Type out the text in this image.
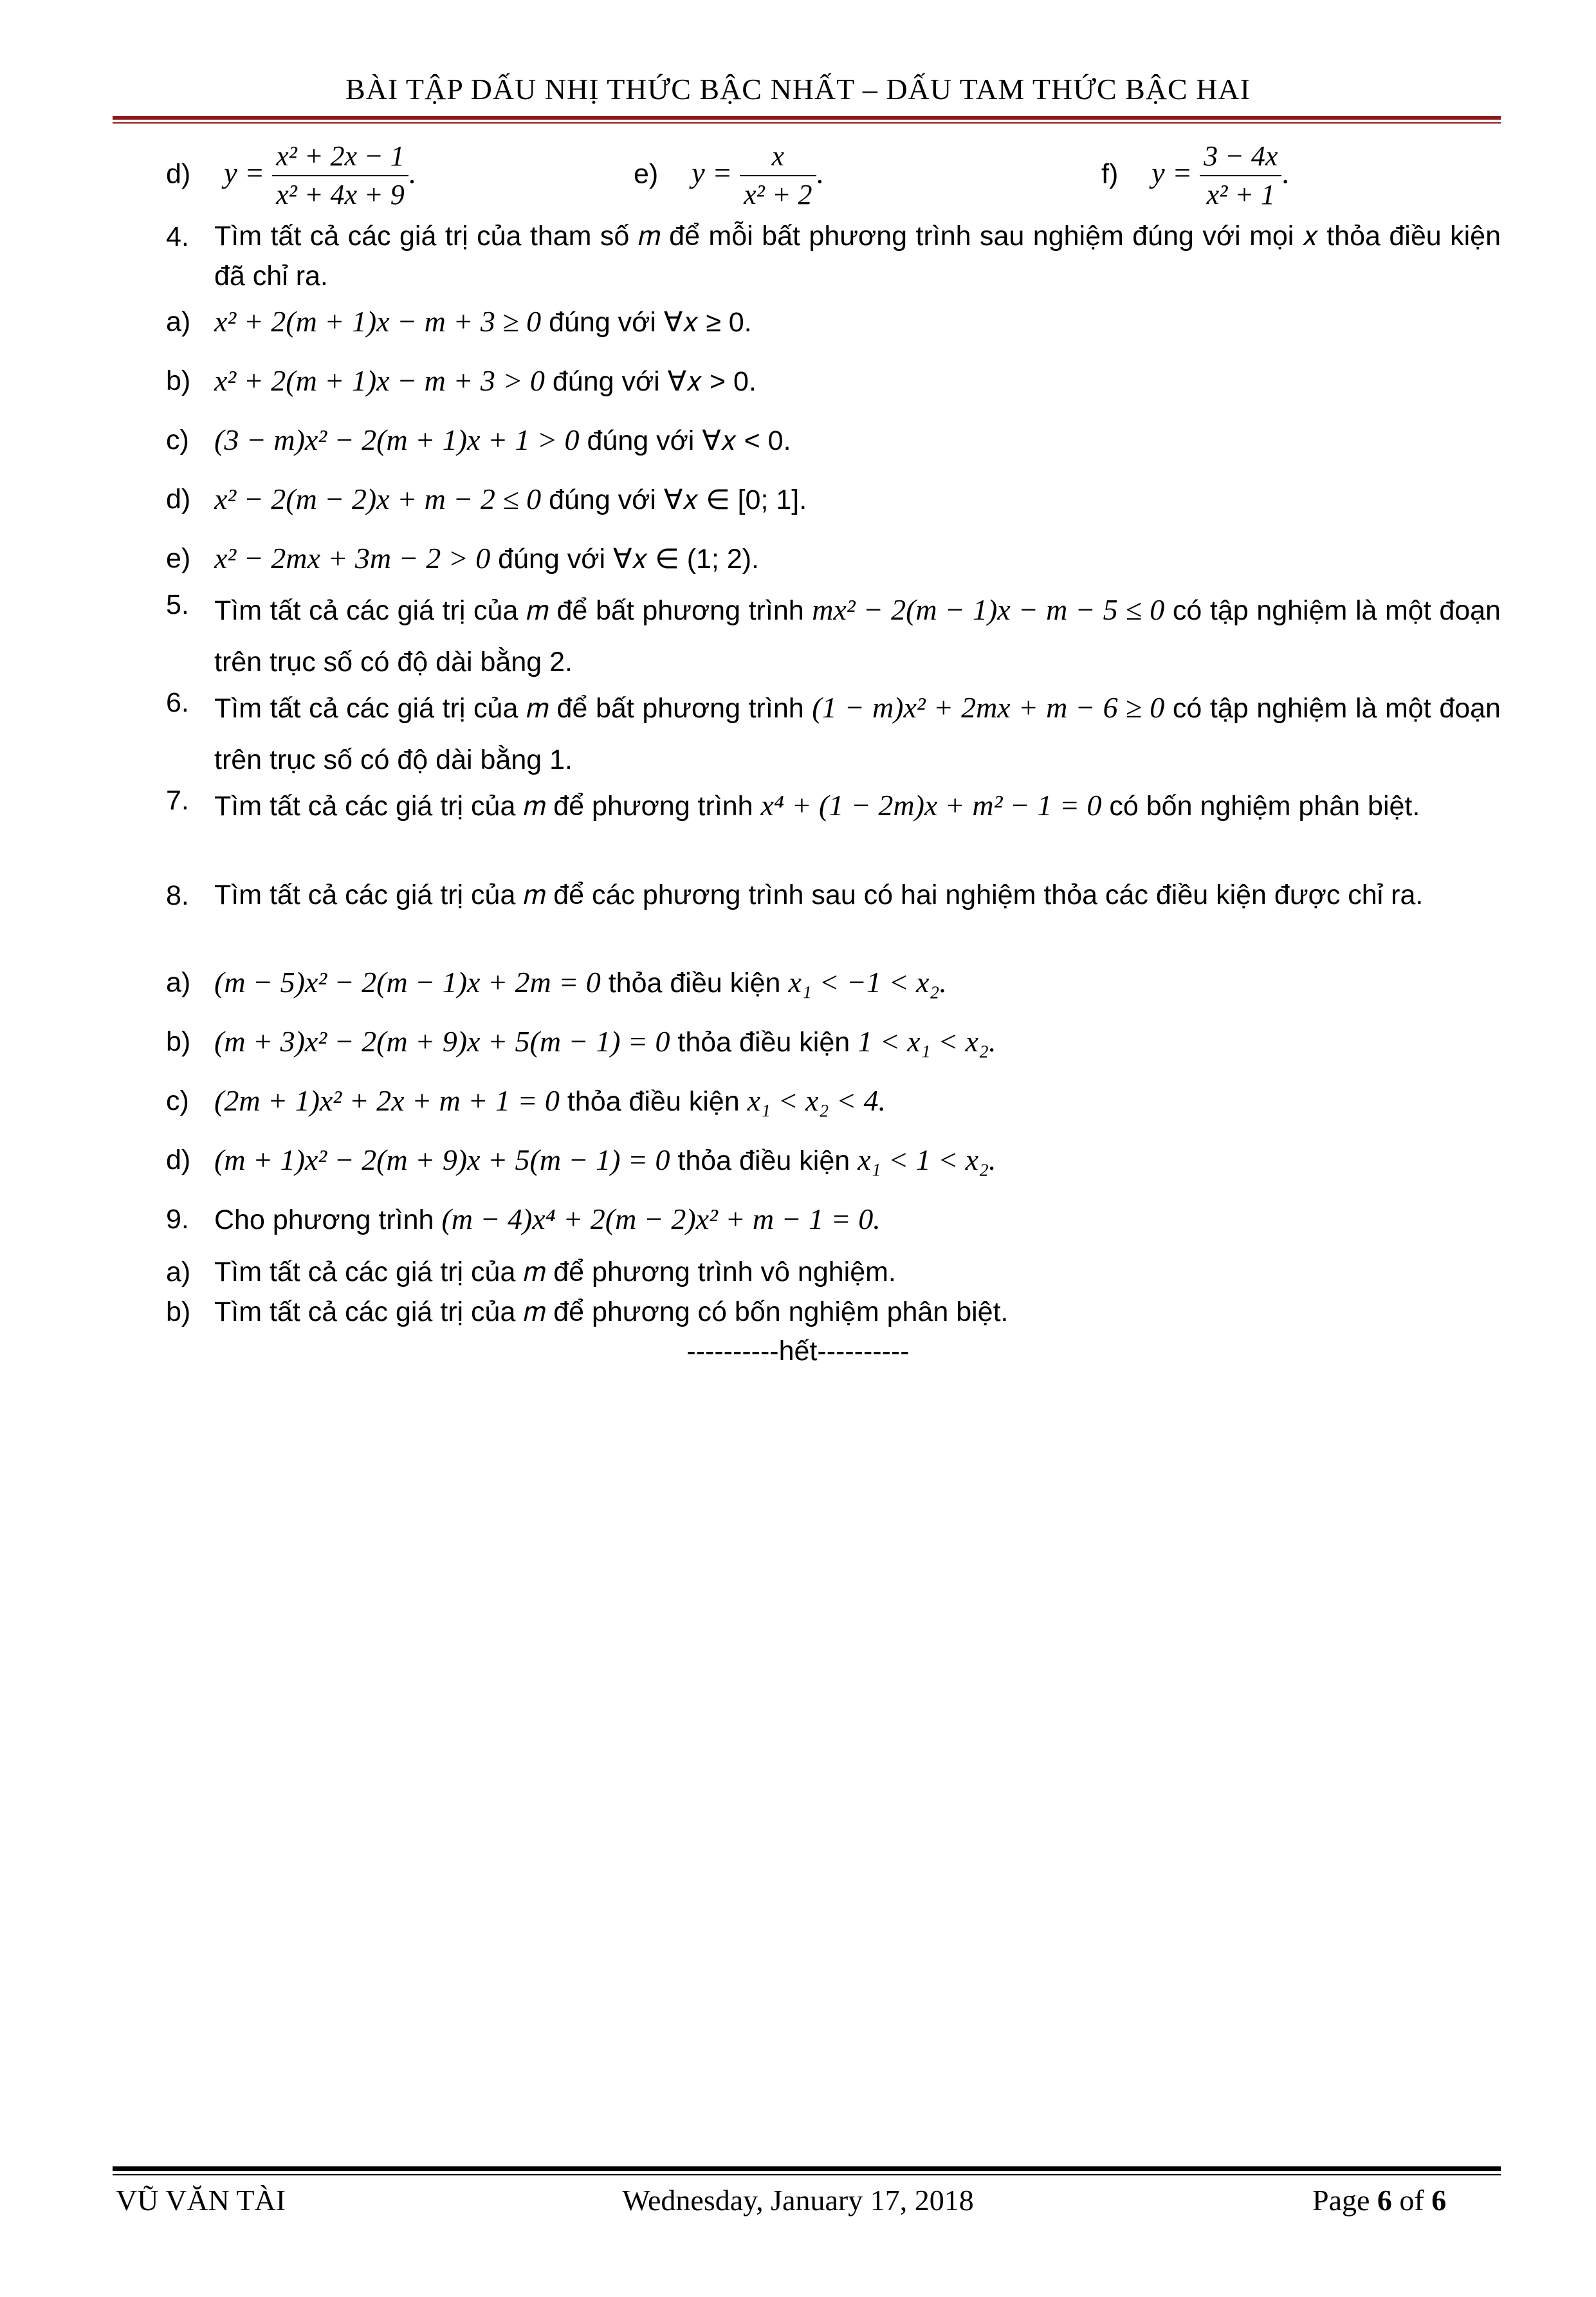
BÀI TẬP DẤU NHỊ THỨC BẬC NHẤT – DẤU TAM THỨC BẬC HAI
d) $y = \frac{\text{x² + 2x − 1}}{\text{x² + 4x + 9}}$ .	e) $y = \frac{x}{\text{x² + 2}}$ .	f) $y = \frac{3 - 4x}{\text{x² + 1}}$ .
4. Tìm tất cả các giá trị của tham số 𝑚 để mỗi bất phương trình sau nghiệm đúng với mọi 𝑥 thỏa điều kiện đã chỉ ra.
a) x² + 2(m + 1)x − m + 3 ≥ 0 đúng với ∀𝑥 ≥ 0.
b) x² + 2(m + 1)x − m + 3 > 0 đúng với ∀𝑥 > 0.
c) (3 − m)x² − 2(m + 1)x + 1 > 0 đúng với ∀𝑥 < 0.
d) x² − 2(m − 2)x + m − 2 ≤ 0 đúng với ∀𝑥 ∈ [0; 1].
e) x² − 2mx + 3m − 2 > 0 đúng với ∀𝑥 ∈ (1; 2).
5. Tìm tất cả các giá trị của 𝑚 để bất phương trình mx² − 2(m − 1)x − m − 5 ≤ 0 có tập nghiệm là một đoạn trên trục số có độ dài bằng 2.
6. Tìm tất cả các giá trị của 𝑚 để bất phương trình (1 − m)x² + 2mx + m − 6 ≥ 0 có tập nghiệm là một đoạn trên trục số có độ dài bằng 1.
7. Tìm tất cả các giá trị của 𝑚 để phương trình x⁴ + (1 − 2m)x + m² − 1 = 0 có bốn nghiệm phân biệt.
8. Tìm tất cả các giá trị của 𝑚 để các phương trình sau có hai nghiệm thỏa các điều kiện được chỉ ra.
a) (m − 5)x² − 2(m − 1)x + 2m = 0 thỏa điều kiện x₁ < −1 < x₂.
b) (m + 3)x² − 2(m + 9)x + 5(m − 1) = 0 thỏa điều kiện 1 < x₁ < x₂.
c) (2m + 1)x² + 2x + m + 1 = 0 thỏa điều kiện x₁ < x₂ < 4.
d) (m + 1)x² − 2(m + 9)x + 5(m − 1) = 0 thỏa điều kiện x₁ < 1 < x₂.
9. Cho phương trình (m − 4)x⁴ + 2(m − 2)x² + m − 1 = 0.
a) Tìm tất cả các giá trị của 𝑚 để phương trình vô nghiệm.
b) Tìm tất cả các giá trị của 𝑚 để phương có bốn nghiệm phân biệt.
----------hết----------
VŨ VĂN TÀI	Wednesday, January 17, 2018	Page 6 of 6
